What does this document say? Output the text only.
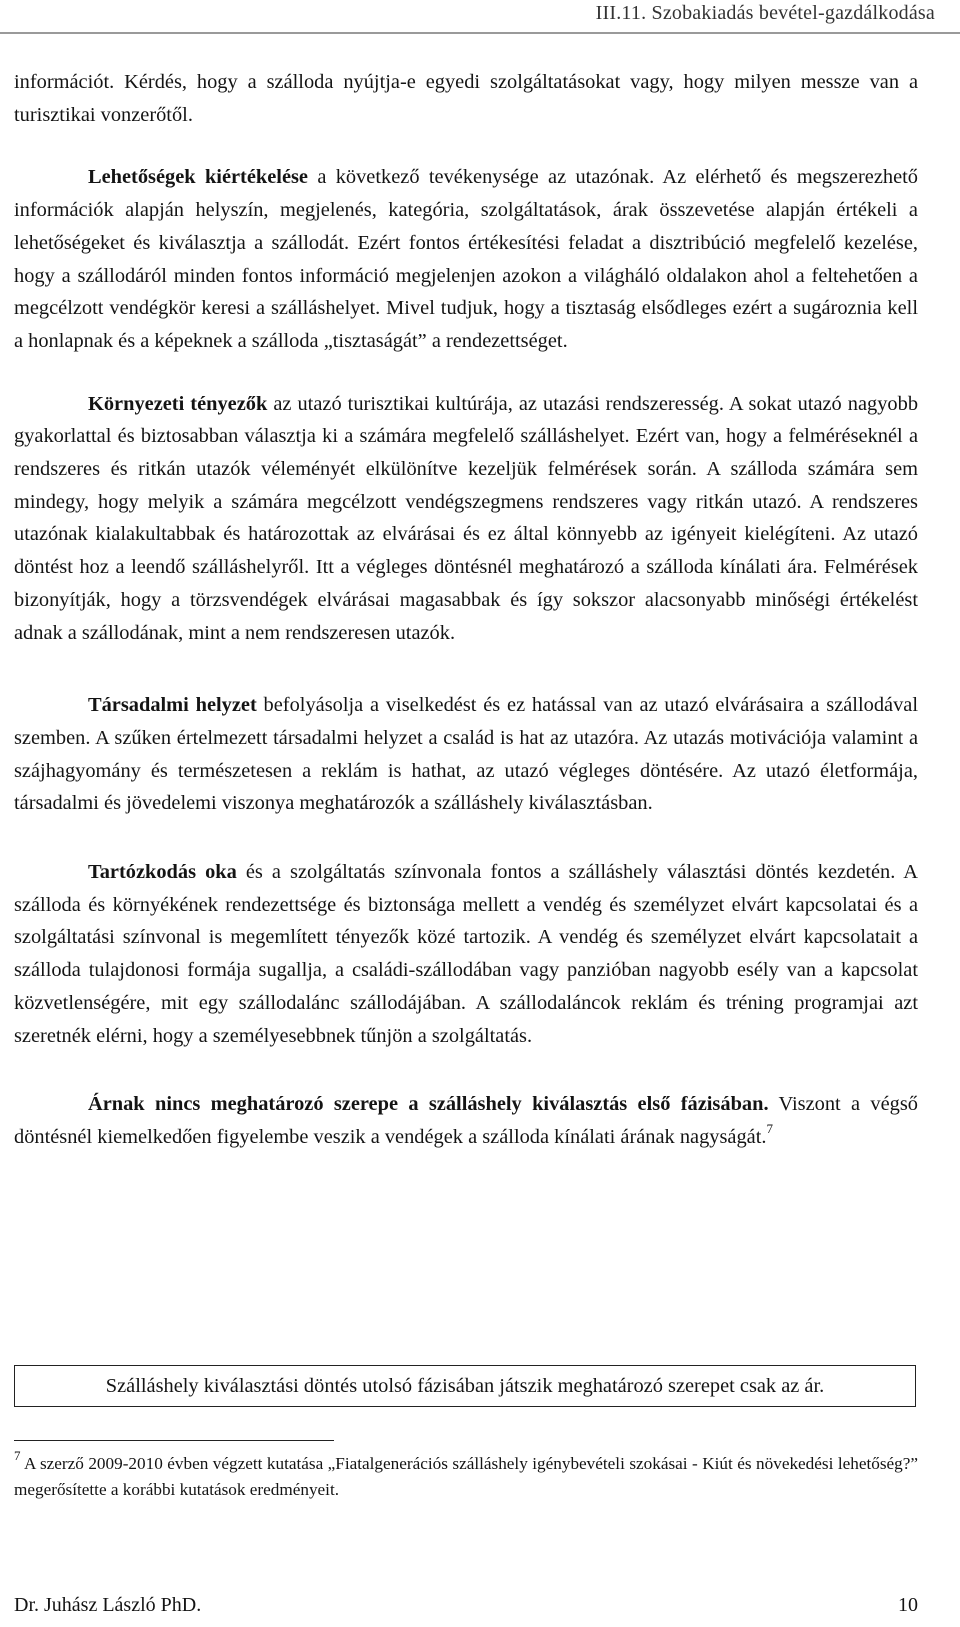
III.11. Szobakiadás bevétel-gazdálkodása

információt. Kérdés, hogy a szálloda nyújtja-e egyedi szolgáltatásokat vagy, hogy milyen messze van a turisztikai vonzerőtől.

Lehetőségek kiértékelése a következő tevékenysége az utazónak. Az elérhető és megszerezhető információk alapján helyszín, megjelenés, kategória, szolgáltatások, árak összevetése alapján értékeli a lehetőségeket és kiválasztja a szállodát. Ezért fontos értékesítési feladat a disztribúció megfelelő kezelése, hogy a szállodáról minden fontos információ megjelenjen azokon a világháló oldalakon ahol a feltehetően a megcélzott vendégkör keresi a szálláshelyet. Mivel tudjuk, hogy a tisztaság elsődleges ezért a sugároznia kell a honlapnak és a képeknek a szálloda „tisztaságát” a rendezettséget.

Környezeti tényezők az utazó turisztikai kultúrája, az utazási rendszeresség. A sokat utazó nagyobb gyakorlattal és biztosabban választja ki a számára megfelelő szálláshelyet. Ezért van, hogy a felméréseknél a rendszeres és ritkán utazók véleményét elkülönítve kezeljük felmérések során. A szálloda számára sem mindegy, hogy melyik a számára megcélzott vendégszegmens rendszeres vagy ritkán utazó. A rendszeres utazónak kialakultabbak és határozottak az elvárásai és ez által könnyebb az igényeit kielégíteni. Az utazó döntést hoz a leendő szálláshelyről. Itt a végleges döntésnél meghatározó a szálloda kínálati ára. Felmérések bizonyítják, hogy a törzsvendégek elvárásai magasabbak és így sokszor alacsonyabb minőségi értékelést adnak a szállodának, mint a nem rendszeresen utazók.

Társadalmi helyzet befolyásolja a viselkedést és ez hatással van az utazó elvárásaira a szállodával szemben. A szűken értelmezett társadalmi helyzet a család is hat az utazóra. Az utazás motivációja valamint a szájhagyomány és természetesen a reklám is hathat, az utazó végleges döntésére. Az utazó életformája, társadalmi és jövedelemi viszonya meghatározók a szálláshely kiválasztásban.

Tartózkodás oka és a szolgáltatás színvonala fontos a szálláshely választási döntés kezdetén. A szálloda és környékének rendezettsége és biztonsága mellett a vendég és személyzet elvárt kapcsolatai és a szolgáltatási színvonal is megemlített tényezők közé tartozik. A vendég és személyzet elvárt kapcsolatait a szálloda tulajdonosi formája sugallja, a családi-szállodában vagy panzióban nagyobb esély van a kapcsolat közvetlenségére, mit egy szállodalánc szállodájában. A szállodaláncok reklám és tréning programjai azt szeretnék elérni, hogy a személyesebbnek tűnjön a szolgáltatás.

Árnak nincs meghatározó szerepe a szálláshely kiválasztás első fázisában. Viszont a végső döntésnél kiemelkedően figyelembe veszik a vendégek a szálloda kínálati árának nagyságát.$^7$

Szálláshely kiválasztási döntés utolsó fázisában játszik meghatározó szerepet csak az ár.
$^7$ A szerző 2009-2010 évben végzett kutatása „Fiatalgenerációs szálláshely igénybevételi szokásai - Kiút és növekedési lehetőség?” megerősítette a korábbi kutatások eredményeit.
Dr. Juhász László PhD.	10
